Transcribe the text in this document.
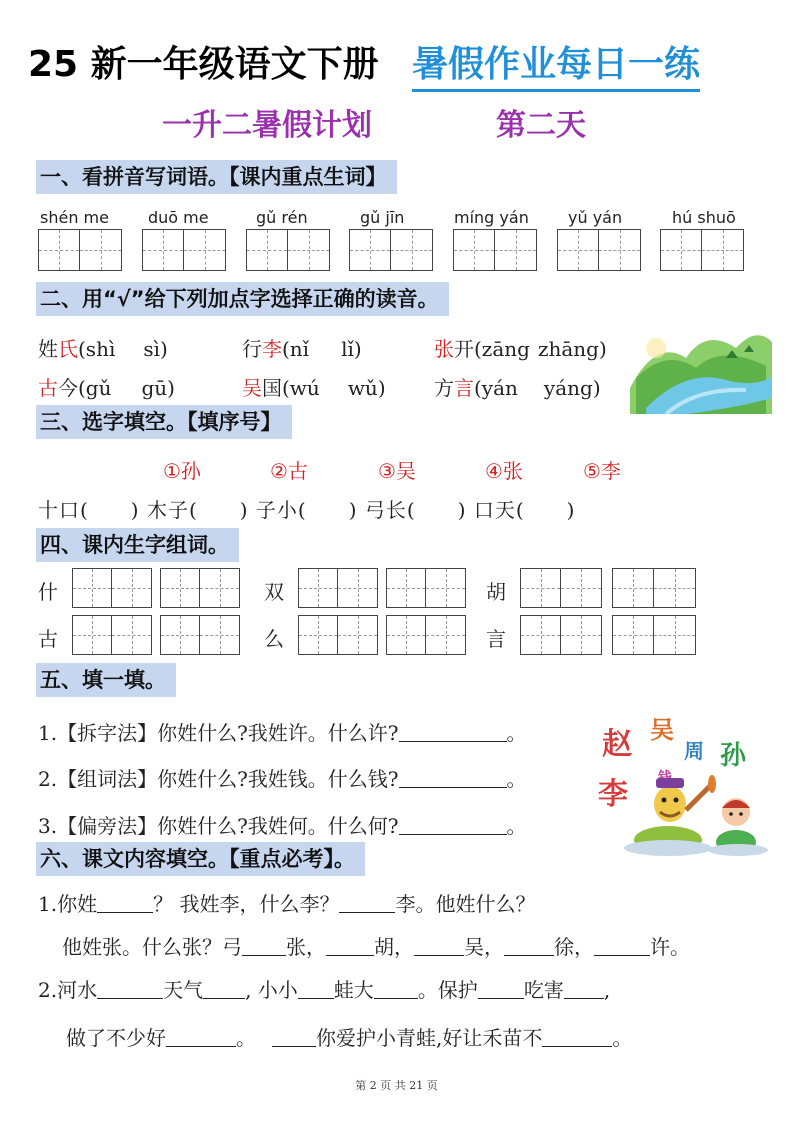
25 新一年级语文下册 暑假作业每日一练
一升二暑假计划	第二天
一、看拼音写词语。【课内重点生词】
shén me duō me	gǔ rén	gǔ jīn	míng yán yǔ yán	hú shuō
二、用“√”给下列加点字选择正确的读音。
姓氏(shì sì)	行李(nǐ lǐ)	张开(zāng zhāng)
古今(gǔ gū)	吴国(wú wǔ) 方言(yán yáng)
三、选字填空。【填序号】
①孙	②古	③吴	④张	⑤李
十口(　　) 木子(　　) 子小(　　) 弓长(　　) 口天(　　)
四、课内生字组词。
什	双	胡
古	么	言
五、填一填。
1.【拆字法】你姓什么?我姓许。什么许?	。
2.【组词法】你姓什么?我姓钱。什么钱?	。
3.【偏旁法】你姓什么?我姓何。什么何?	。
赵 吴
周 孙
李
六、课文内容填空。【重点必考】。
1.你姓	？ 我姓李，什么李？	李。他姓什么？
他姓张。什么张？弓 张， 胡，	吴，	徐，	许。
2.河水	天气 , 小小 蛙大 。保护 吃害 ,
做了不少好	。	你爱护小青蛙,好让禾苗不	。
第 2 页 共 21 页
